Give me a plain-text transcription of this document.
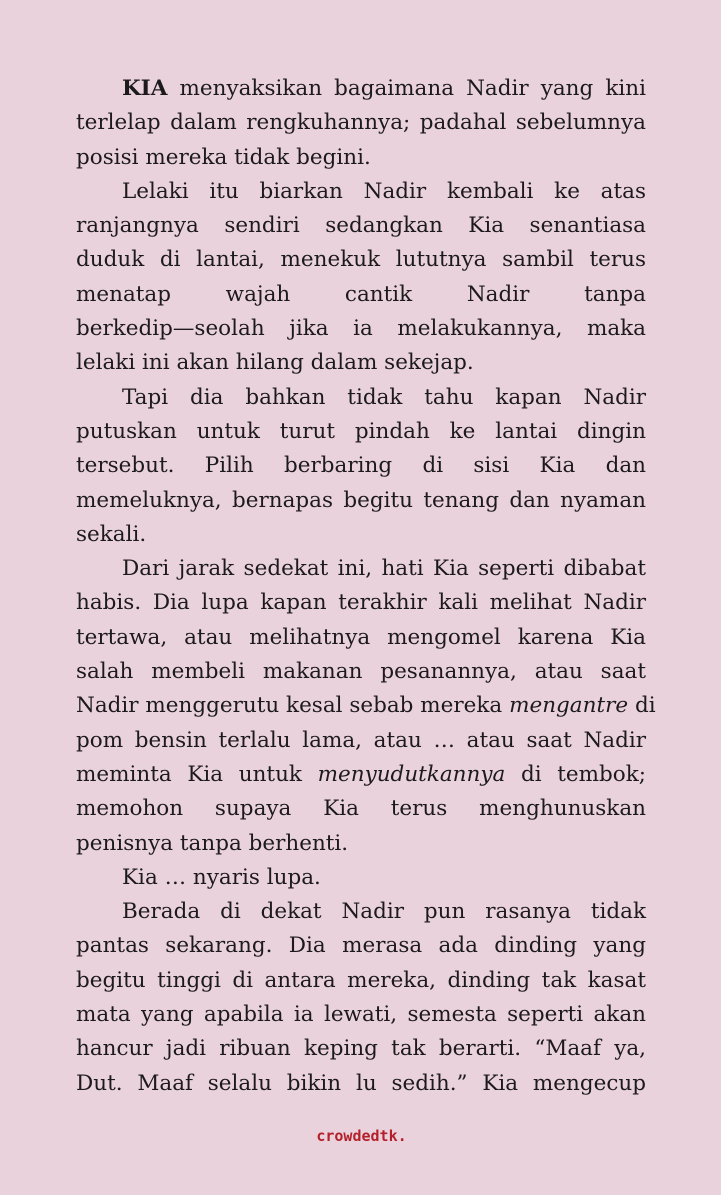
KIA menyaksikan bagaimana Nadir yang kini
terlelap dalam rengkuhannya; padahal sebelumnya
posisi mereka tidak begini.
Lelaki itu biarkan Nadir kembali ke atas
ranjangnya sendiri sedangkan Kia senantiasa
duduk di lantai, menekuk lututnya sambil terus
menatap wajah cantik Nadir tanpa
berkedip—seolah jika ia melakukannya, maka
lelaki ini akan hilang dalam sekejap.
Tapi dia bahkan tidak tahu kapan Nadir
putuskan untuk turut pindah ke lantai dingin
tersebut. Pilih berbaring di sisi Kia dan
memeluknya, bernapas begitu tenang dan nyaman
sekali.
Dari jarak sedekat ini, hati Kia seperti dibabat
habis. Dia lupa kapan terakhir kali melihat Nadir
tertawa, atau melihatnya mengomel karena Kia
salah membeli makanan pesanannya, atau saat
Nadir menggerutu kesal sebab mereka mengantre di
pom bensin terlalu lama, atau … atau saat Nadir
meminta Kia untuk menyudutkannya di tembok;
memohon supaya Kia terus menghunuskan
penisnya tanpa berhenti.
Kia … nyaris lupa.
Berada di dekat Nadir pun rasanya tidak
pantas sekarang. Dia merasa ada dinding yang
begitu tinggi di antara mereka, dinding tak kasat
mata yang apabila ia lewati, semesta seperti akan
hancur jadi ribuan keping tak berarti. “Maaf ya,
Dut. Maaf selalu bikin lu sedih.” Kia mengecup
crowdedtk.
